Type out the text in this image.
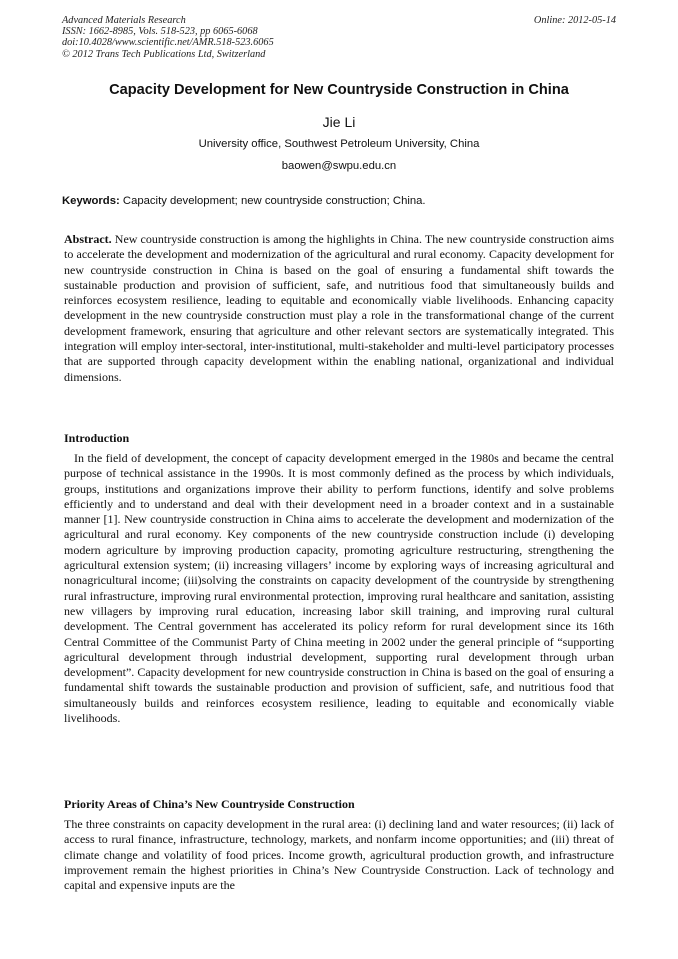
Advanced Materials Research
ISSN: 1662-8985, Vols. 518-523, pp 6065-6068
doi:10.4028/www.scientific.net/AMR.518-523.6065
© 2012 Trans Tech Publications Ltd, Switzerland
Online: 2012-05-14
Capacity Development for New Countryside Construction in China
Jie Li
University office, Southwest Petroleum University, China
baowen@swpu.edu.cn
Keywords: Capacity development; new countryside construction; China.

Abstract. New countryside construction is among the highlights in China. The new countryside construction aims to accelerate the development and modernization of the agricultural and rural economy. Capacity development for new countryside construction in China is based on the goal of ensuring a fundamental shift towards the sustainable production and provision of sufficient, safe, and nutritious food that simultaneously builds and reinforces ecosystem resilience, leading to equitable and economically viable livelihoods. Enhancing capacity development in the new countryside construction must play a role in the transformational change of the current development framework, ensuring that agriculture and other relevant sectors are systematically integrated. This integration will employ inter-sectoral, inter-institutional, multi-stakeholder and multi-level participatory processes that are supported through capacity development within the enabling national, organizational and individual dimensions.

Introduction

In the field of development, the concept of capacity development emerged in the 1980s and became the central purpose of technical assistance in the 1990s. It is most commonly defined as the process by which individuals, groups, institutions and organizations improve their ability to perform functions, identify and solve problems efficiently and to understand and deal with their development need in a broader context and in a sustainable manner [1]. New countryside construction in China aims to accelerate the development and modernization of the agricultural and rural economy. Key components of the new countryside construction include (i) developing modern agriculture by improving production capacity, promoting agriculture restructuring, strengthening the agricultural extension system; (ii) increasing villagers’ income by exploring ways of increasing agricultural and nonagricultural income; (iii)solving the constraints on capacity development of the countryside by strengthening rural infrastructure, improving rural environmental protection, improving rural healthcare and sanitation, assisting new villagers by improving rural education, increasing labor skill training, and improving rural cultural development. The Central government has accelerated its policy reform for rural development since its 16th Central Committee of the Communist Party of China meeting in 2002 under the general principle of “supporting agricultural development through industrial development, supporting rural development through urban development”. Capacity development for new countryside construction in China is based on the goal of ensuring a fundamental shift towards the sustainable production and provision of sufficient, safe, and nutritious food that simultaneously builds and reinforces ecosystem resilience, leading to equitable and economically viable livelihoods.

Priority Areas of China’s New Countryside Construction

The three constraints on capacity development in the rural area: (i) declining land and water resources; (ii) lack of access to rural finance, infrastructure, technology, markets, and nonfarm income opportunities; and (iii) threat of climate change and volatility of food prices. Income growth, agricultural production growth, and infrastructure improvement remain the highest priorities in China’s New Countryside Construction. Lack of technology and capital and expensive inputs are the
